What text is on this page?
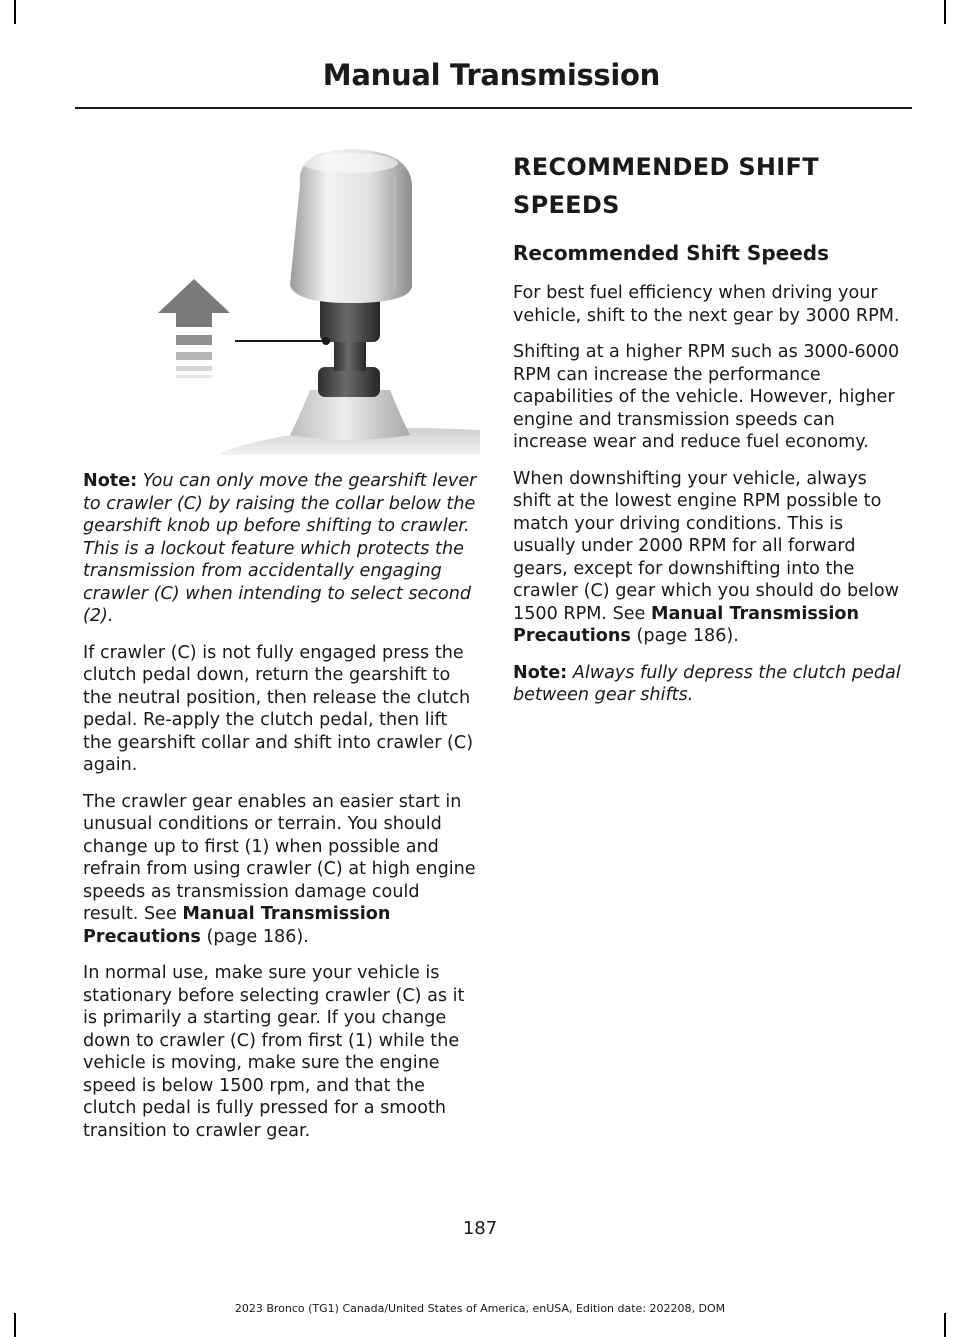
Manual Transmission

Note: You can only move the gearshift lever to crawler (C) by raising the collar below the gearshift knob up before shifting to crawler. This is a lockout feature which protects the transmission from accidentally engaging crawler (C) when intending to select second (2).

If crawler (C) is not fully engaged press the clutch pedal down, return the gearshift to the neutral position, then release the clutch pedal. Re-apply the clutch pedal, then lift the gearshift collar and shift into crawler (C) again.

The crawler gear enables an easier start in unusual conditions or terrain. You should change up to first (1) when possible and refrain from using crawler (C) at high engine speeds as transmission damage could result. See Manual Transmission Precautions (page 186).

In normal use, make sure your vehicle is stationary before selecting crawler (C) as it is primarily a starting gear. If you change down to crawler (C) from first (1) while the vehicle is moving, make sure the engine speed is below 1500 rpm, and that the clutch pedal is fully pressed for a smooth transition to crawler gear.

RECOMMENDED SHIFT SPEEDS
Recommended Shift Speeds

For best fuel efficiency when driving your vehicle, shift to the next gear by 3000 RPM.

Shifting at a higher RPM such as 3000-6000 RPM can increase the performance capabilities of the vehicle. However, higher engine and transmission speeds can increase wear and reduce fuel economy.

When downshifting your vehicle, always shift at the lowest engine RPM possible to match your driving conditions. This is usually under 2000 RPM for all forward gears, except for downshifting into the crawler (C) gear which you should do below 1500 RPM. See Manual Transmission Precautions (page 186).

Note: Always fully depress the clutch pedal between gear shifts.

187
2023 Bronco (TG1) Canada/United States of America, enUSA, Edition date: 202208, DOM
